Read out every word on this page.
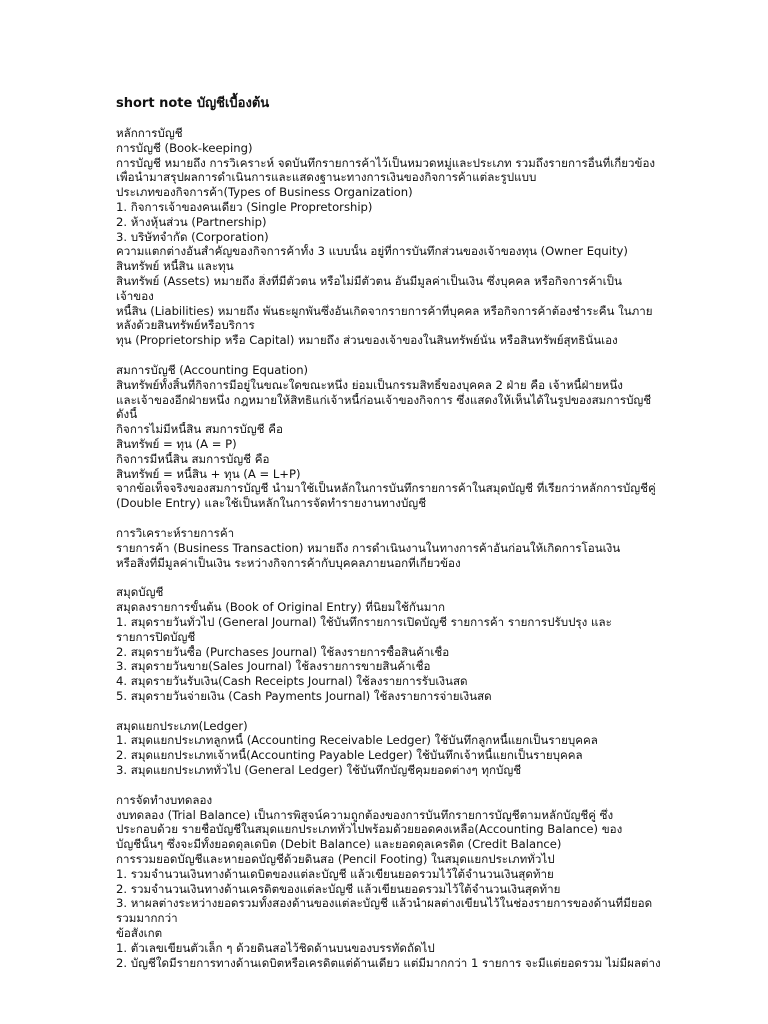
short note บัญชีเบื้องต้น
หลักการบัญชี
การบัญชี (Book-keeping)
การบัญชี หมายถึง การวิเคราะห์ จดบันทึกรายการค้าไว้เป็นหมวดหมู่และประเภท รวมถึงรายการอื่นที่เกี่ยวข้อง
เพื่อนำมาสรุปผลการดำเนินการและแสดงฐานะทางการเงินของกิจการค้าแต่ละรูปแบบ
ประเภทของกิจการค้า(Types of Business Organization)
1. กิจการเจ้าของคนเดียว (Single Propretorship)
2. ห้างหุ้นส่วน (Partnership)
3. บริษัทจำกัด (Corporation)
ความแตกต่างอันสำคัญของกิจการค้าทั้ง 3 แบบนั้น อยู่ที่การบันทึกส่วนของเจ้าของทุน (Owner Equity)
สินทรัพย์ หนี้สิน และทุน
สินทรัพย์ (Assets) หมายถึง สิ่งที่มีตัวตน หรือไม่มีตัวตน อันมีมูลค่าเป็นเงิน ซึ่งบุคคล หรือกิจการค้าเป็น
เจ้าของ
หนี้สิน (Liabilities) หมายถึง พันธะผูกพันซึ่งอันเกิดจากรายการค้าที่บุคคล หรือกิจการค้าต้องชำระคืน ในภาย
หลังด้วยสินทรัพย์หรือบริการ
ทุน (Proprietorship หรือ Capital) หมายถึง ส่วนของเจ้าของในสินทรัพย์นั่น หรือสินทรัพย์สุทธินั่นเอง
สมการบัญชี (Accounting Equation)
สินทรัพย์ทั้งสิ้นที่กิจการมีอยู่ในขณะใดขณะหนึ่ง ย่อมเป็นกรรมสิทธิ์ของบุคคล 2 ฝ่าย คือ เจ้าหนี้ฝ่ายหนึ่ง
และเจ้าของอีกฝ่ายหนึ่ง กฎหมายให้สิทธิแก่เจ้าหนี้ก่อนเจ้าของกิจการ ซึ่งแสดงให้เห็นได้ในรูปของสมการบัญชี
ดังนี้
กิจการไม่มีหนี้สิน สมการบัญชี คือ
สินทรัพย์ = ทุน (A = P)
กิจการมีหนี้สิน สมการบัญชี คือ
สินทรัพย์ = หนี้สิน + ทุน (A = L+P)
จากข้อเท็จจริงของสมการบัญชี นำมาใช้เป็นหลักในการบันทึกรายการค้าในสมุดบัญชี ที่เรียกว่าหลักการบัญชีคู่
(Double Entry) และใช้เป็นหลักในการจัดทำรายงานทางบัญชี
การวิเคราะห์รายการค้า
รายการค้า (Business Transaction) หมายถึง การดำเนินงานในทางการค้าอันก่อนให้เกิดการโอนเงิน
หรือสิ่งที่มีมูลค่าเป็นเงิน ระหว่างกิจการค้ากับบุคคลภายนอกที่เกี่ยวข้อง
สมุดบัญชี
สมุดลงรายการขั้นต้น (Book of Original Entry) ที่นิยมใช้กันมาก
1. สมุดรายวันทั่วไป (General Journal) ใช้บันทึกรายการเปิดบัญชี รายการค้า รายการปรับปรุง และ
รายการปิดบัญชี
2. สมุดรายวันซื้อ (Purchases Journal) ใช้ลงรายการซื้อสินค้าเชื่อ
3. สมุดรายวันขาย(Sales Journal) ใช้ลงรายการขายสินค้าเชื่อ
4. สมุดรายวันรับเงิน(Cash Receipts Journal) ใช้ลงรายการรับเงินสด
5. สมุดรายวันจ่ายเงิน (Cash Payments Journal) ใช้ลงรายการจ่ายเงินสด
สมุดแยกประเภท(Ledger)
1. สมุดแยกประเภทลูกหนี้ (Accounting Receivable Ledger) ใช้บันทึกลูกหนี้แยกเป็นรายบุคคล
2. สมุดแยกประเภทเจ้าหนี้(Accounting Payable Ledger) ใช้บันทึกเจ้าหนี้แยกเป็นรายบุคคล
3. สมุดแยกประเภททั่วไป (General Ledger) ใช้บันทึกบัญชีคุมยอดต่างๆ ทุกบัญชี
การจัดทำงบทดลอง
งบทดลอง (Trial Balance) เป็นการพิสูจน์ความถูกต้องของการบันทึกรายการบัญชีตามหลักบัญชีคู่ ซึ่ง
ประกอบด้วย รายชื่อบัญชีในสมุดแยกประเภททั่วไปพร้อมด้วยยอดคงเหลือ(Accounting Balance) ของ
บัญชีนั้นๆ ซึ่งจะมีทั้งยอดดุลเดบิต (Debit Balance) และยอดดุลเครดิต (Credit Balance)
การรวมยอดบัญชีและหายอดบัญชีด้วยดินสอ (Pencil Footing) ในสมุดแยกประเภททั่วไป
1. รวมจำนวนเงินทางด้านเดบิตของแต่ละบัญชี แล้วเขียนยอดรวมไว้ใต้จำนวนเงินสุดท้าย
2. รวมจำนวนเงินทางด้านเครดิตของแต่ละบัญชี แล้วเขียนยอดรวมไว้ใต้จำนวนเงินสุดท้าย
3. หาผลต่างระหว่างยอดรวมทั้งสองด้านของแต่ละบัญชี แล้วนำผลต่างเขียนไว้ในช่องรายการของด้านที่มียอด
รวมมากกว่า
ข้อสังเกต
1. ตัวเลขเขียนตัวเล็ก ๆ ด้วยดินสอไว้ชิดด้านบนของบรรทัดถัดไป
2. บัญชีใดมีรายการทางด้านเดบิตหรือเครดิตแต่ด้านเดียว แต่มีมากกว่า 1 รายการ จะมีแต่ยอดรวม ไม่มีผลต่าง
